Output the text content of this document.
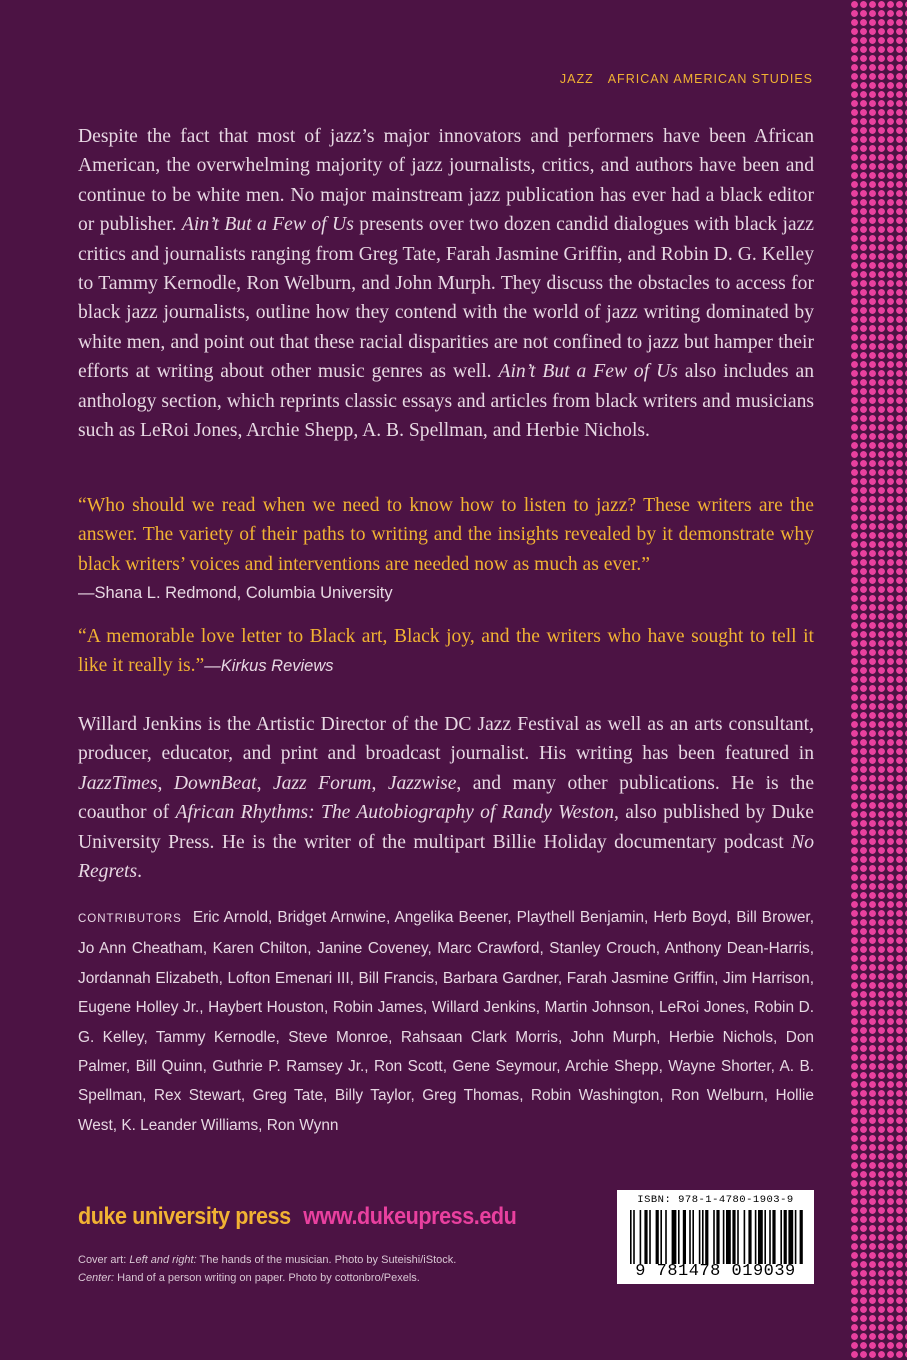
JAZZ AFRICAN AMERICAN STUDIES

Despite the fact that most of jazz’s major innovators and performers have been African American, the overwhelming majority of jazz journalists, critics, and authors have been and continue to be white men. No major mainstream jazz publication has ever had a black editor or publisher. Ain’t But a Few of Us presents over two dozen candid dialogues with black jazz critics and journalists ranging from Greg Tate, Farah Jasmine Griffin, and Robin D. G. Kelley to Tammy Kernodle, Ron Welburn, and John Murph. They discuss the obstacles to access for black jazz journalists, outline how they contend with the world of jazz writing dominated by white men, and point out that these racial disparities are not confined to jazz but hamper their efforts at writing about other music genres as well. Ain’t But a Few of Us also includes an anthology section, which reprints classic essays and articles from black writers and musicians such as LeRoi Jones, Archie Shepp, A. B. Spellman, and Herbie Nichols.

“Who should we read when we need to know how to listen to jazz? These writers are the answer. The variety of their paths to writing and the insights revealed by it demonstrate why black writers’ voices and interventions are needed now as much as ever.”

—Shana L. Redmond, Columbia University

“A memorable love letter to Black art, Black joy, and the writers who have sought to tell it like it really is.”—Kirkus Reviews

Willard Jenkins is the Artistic Director of the DC Jazz Festival as well as an arts consultant, producer, educator, and print and broadcast journalist. His writing has been featured in JazzTimes, DownBeat, Jazz Forum, Jazzwise, and many other publications. He is the coauthor of African Rhythms: The Autobiography of Randy Weston, also published by Duke University Press. He is the writer of the multipart Billie Holiday documentary podcast No Regrets.

CONTRIBUTORS Eric Arnold, Bridget Arnwine, Angelika Beener, Playthell Benjamin, Herb Boyd, Bill Brower, Jo Ann Cheatham, Karen Chilton, Janine Coveney, Marc Crawford, Stanley Crouch, Anthony Dean-Harris, Jordannah Elizabeth, Lofton Emenari III, Bill Francis, Barbara Gardner, Farah Jasmine Griffin, Jim Harrison, Eugene Holley Jr., Haybert Houston, Robin James, Willard Jenkins, Martin Johnson, LeRoi Jones, Robin D. G. Kelley, Tammy Kernodle, Steve Monroe, Rahsaan Clark Morris, John Murph, Herbie Nichols, Don Palmer, Bill Quinn, Guthrie P. Ramsey Jr., Ron Scott, Gene Seymour, Archie Shepp, Wayne Shorter, A. B. Spellman, Rex Stewart, Greg Tate, Billy Taylor, Greg Thomas, Robin Washington, Ron Welburn, Hollie West, K. Leander Williams, Ron Wynn

duke university press www.dukeupress.edu
Cover art: Left and right: The hands of the musician. Photo by Suteishi/iStock.
Center: Hand of a person writing on paper. Photo by cottonbro/Pexels.
ISBN: 978-1-4780-1903-9
9 781478 019039
